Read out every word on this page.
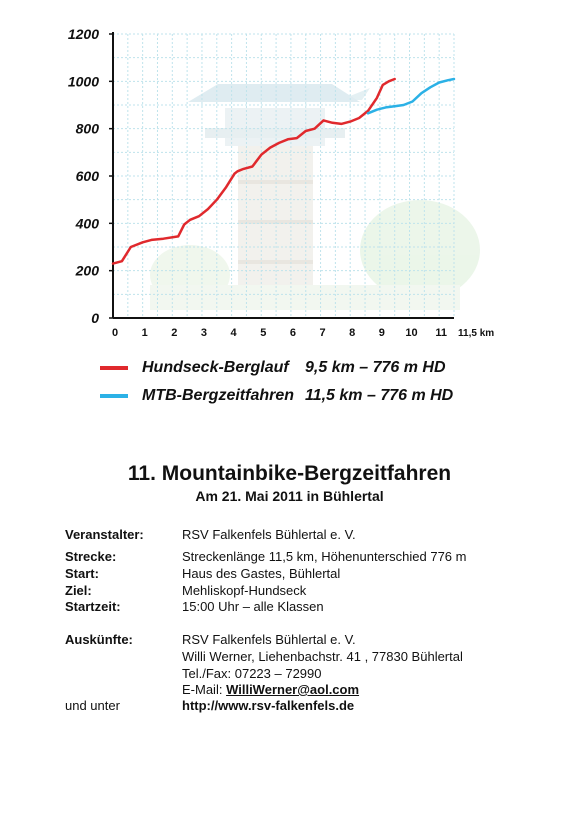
0
200
400
600
800
1000
1200
0 1 2 3 4 5 6 7 8 9 10 11 11,5 km
Hundseck-Berglauf	9,5 km – 776 m HD
MTB-Bergzeitfahren 11,5 km – 776 m HD
11. Mountainbike-Bergzeitfahren
Am 21. Mai 2011 in Bühlertal
Veranstalter:	RSV Falkenfels Bühlertal e. V.
Strecke:	Streckenlänge 11,5 km, Höhenunterschied 776 m
Start:	Haus des Gastes, Bühlertal
Ziel:	Mehliskopf-Hundseck
Startzeit:	15:00 Uhr – alle Klassen
Auskünfte:	RSV Falkenfels Bühlertal e. V.
Willi Werner, Liehenbachstr. 41 , 77830 Bühlertal
Tel./Fax: 07223 – 72990
E-Mail: WilliWerner@aol.com
und unter	http://www.rsv-falkenfels.de
